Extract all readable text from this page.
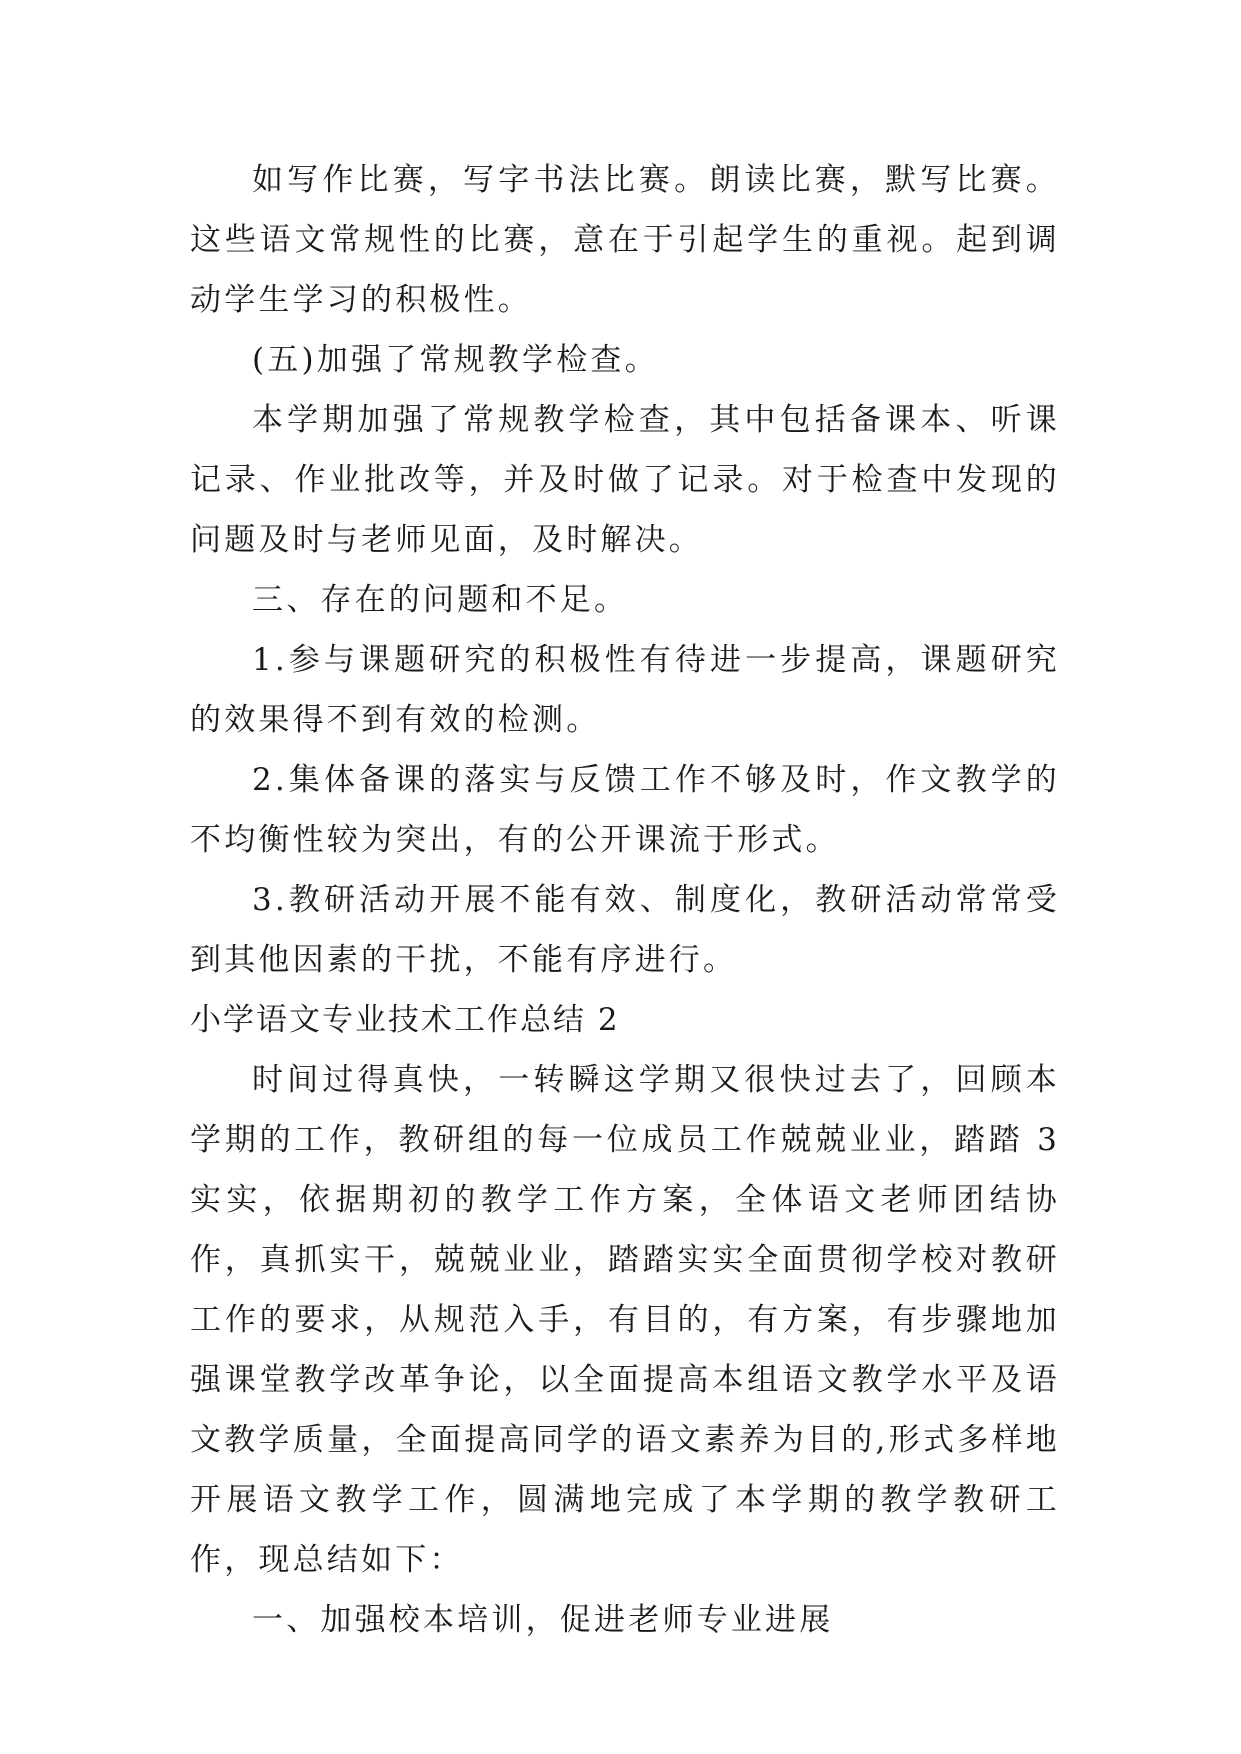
如写作比赛，写字书法比赛。朗读比赛，默写比赛。这些语文常规性的比赛，意在于引起学生的重视。起到调动学生学习的积极性。

(五)加强了常规教学检查。

本学期加强了常规教学检查，其中包括备课本、听课记录、作业批改等，并及时做了记录。对于检查中发现的问题及时与老师见面，及时解决。

三、存在的问题和不足。

1.参与课题研究的积极性有待进一步提高，课题研究的效果得不到有效的检测。

2.集体备课的落实与反馈工作不够及时，作文教学的不均衡性较为突出，有的公开课流于形式。

3.教研活动开展不能有效、制度化，教研活动常常受到其他因素的干扰，不能有序进行。

小学语文专业技术工作总结 2

时间过得真快，一转瞬这学期又很快过去了，回顾本学期的工作，教研组的每一位成员工作兢兢业业，踏踏 3 实实，依据期初的教学工作方案，全体语文老师团结协作，真抓实干，兢兢业业，踏踏实实全面贯彻学校对教研工作的要求，从规范入手，有目的，有方案，有步骤地加强课堂教学改革争论，以全面提高本组语文教学水平及语文教学质量，全面提高同学的语文素养为目的,形式多样地开展语文教学工作，圆满地完成了本学期的教学教研工作，现总结如下：

一、加强校本培训，促进老师专业进展
